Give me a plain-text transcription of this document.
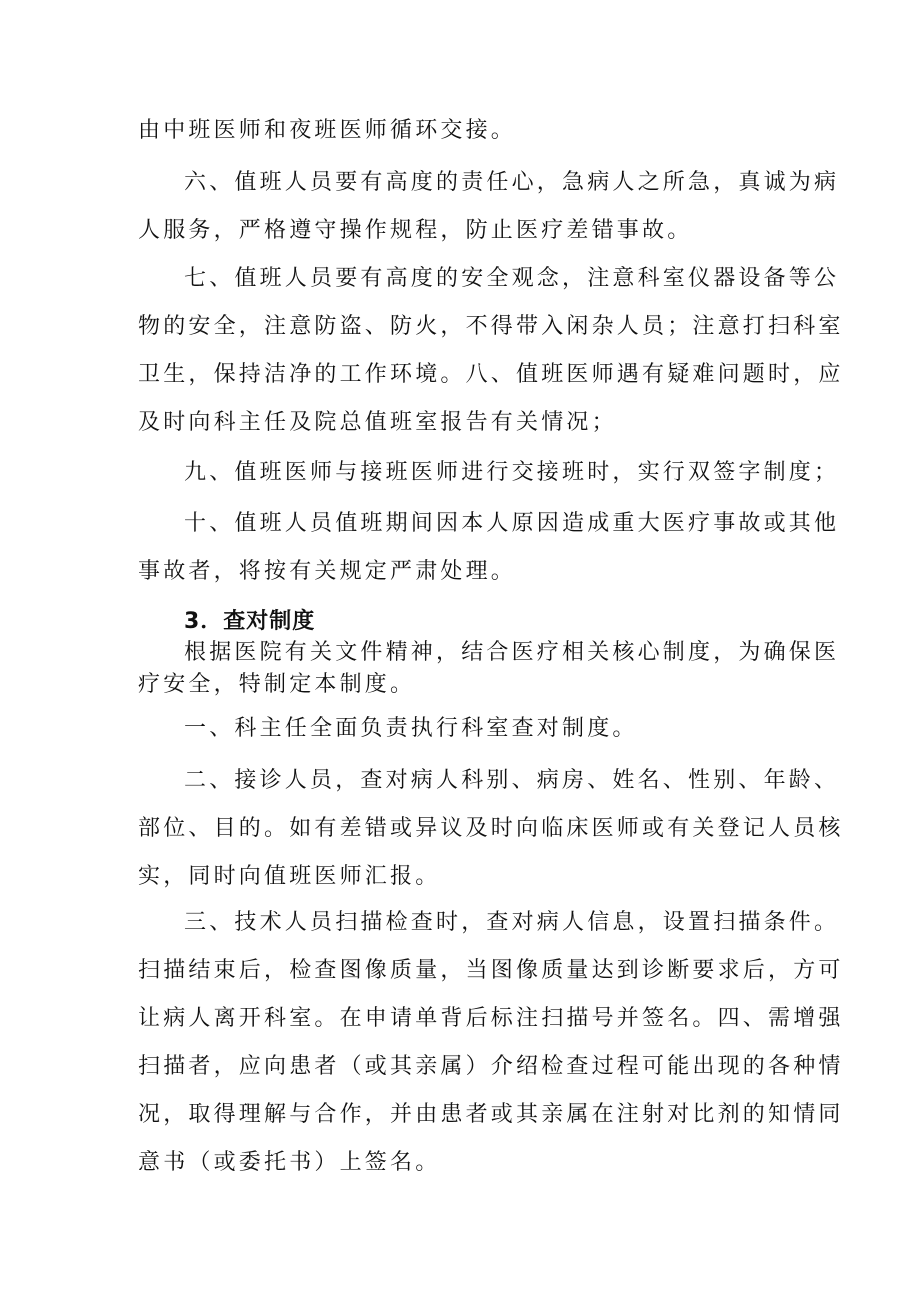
由中班医师和夜班医师循环交接。
六、值班人员要有高度的责任心，急病人之所急，真诚为病
人服务，严格遵守操作规程，防止医疗差错事故。
七、值班人员要有高度的安全观念，注意科室仪器设备等公
物的安全，注意防盗、防火，不得带入闲杂人员；注意打扫科室
卫生，保持洁净的工作环境。八、值班医师遇有疑难问题时，应
及时向科主任及院总值班室报告有关情况；
九、值班医师与接班医师进行交接班时，实行双签字制度；
十、值班人员值班期间因本人原因造成重大医疗事故或其他
事故者，将按有关规定严肃处理。
3．查对制度
根据医院有关文件精神，结合医疗相关核心制度，为确保医
疗安全，特制定本制度。
一、科主任全面负责执行科室查对制度。
二、接诊人员，查对病人科别、病房、姓名、性别、年龄、
部位、目的。如有差错或异议及时向临床医师或有关登记人员核
实，同时向值班医师汇报。
三、技术人员扫描检查时，查对病人信息，设置扫描条件。
扫描结束后，检查图像质量，当图像质量达到诊断要求后，方可
让病人离开科室。在申请单背后标注扫描号并签名。四、需增强
扫描者，应向患者（或其亲属）介绍检查过程可能出现的各种情
况，取得理解与合作，并由患者或其亲属在注射对比剂的知情同
意书（或委托书）上签名。
